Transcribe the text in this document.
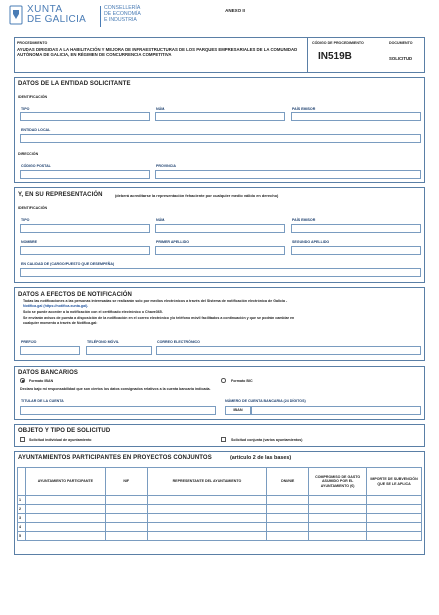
XUNTA
DE GALICIA
CONSELLERÍA
DE ECONOMÍA
E INDUSTRIA
ANEXO II
PROCEDIMIENTO
AYUDAS DIRIGIDAS A LA HABILITACIÓN Y MEJORA DE INFRAESTRUCTURAS DE LOS PARQUES EMPRESARIALES DE LA COMUNIDAD AUTÓNOMA DE GALICIA, EN RÉGIMEN DE CONCURRENCIA COMPETITIVA
CÓDIGO DE PROCEDIMIENTO
IN519B
DOCUMENTO
SOLICITUD
DATOS DE LA ENTIDAD SOLICITANTE
IDENTIFICACIÓN
TIPO	NÚM.	PAÍS EMISOR
ENTIDAD LOCAL
DIRECCIÓN
CÓDIGO POSTAL	PROVINCIA
Y, EN SU REPRESENTACIÓN	(deberá acreditarse la representación fehaciente por cualquier medio válido en derecho)
IDENTIFICACIÓN
TIPO	NÚM.	PAÍS EMISOR
NOMBRE	PRIMER APELLIDO	SEGUNDO APELLIDO
EN CALIDAD DE (CARGO/PUESTO QUE DESEMPEÑA)
DATOS A EFECTOS DE NOTIFICACIÓN
Todas las notificaciones a las personas interesadas se realizarán solo por medios electrónicos a través del Sistema de notificación electrónica de Galicia -
Notifica.gal (https://notifica.xunta.gal).
Solo se puede acceder a la notificación con el certificado electrónico o Chave365.
Se enviarán avisos de puesta a disposición de la notificación en el correo electrónico y/o teléfono móvil facilitados a continuación y que se podrán cambiar en
cualquier momento a través de Notifica.gal:
PREFIJO	TELÉFONO MÓVIL	CORREO ELECTRÓNICO
DATOS BANCARIOS
Formato IBAN	Formato BIC
Declaro bajo mi responsabilidad que son ciertos los datos consignados relativos a la cuenta bancaria indicada.
TITULAR DE LA CUENTA	NÚMERO DE CUENTA BANCARIA (24 DÍGITOS)
IBAN
OBJETO Y TIPO DE SOLICITUD
Solicitud individual de ayuntamiento	Solicitud conjunta (varios ayuntamientos)
AYUNTAMIENTOS PARTICIPANTES EN PROYECTOS CONJUNTOS	(artículo 2 de las bases)
	AYUNTAMIENTO PARTICIPANTE	NIF	REPRESENTANTE DEL AYUNTAMIENTO	DNI/NIE	COMPROMISO DE GASTO ASUMIDO POR EL AYUNTAMIENTO (€)	IMPORTE DE SUBVENCIÓN QUE SE LE APLICA
1						
2						
3						
4						
5						
